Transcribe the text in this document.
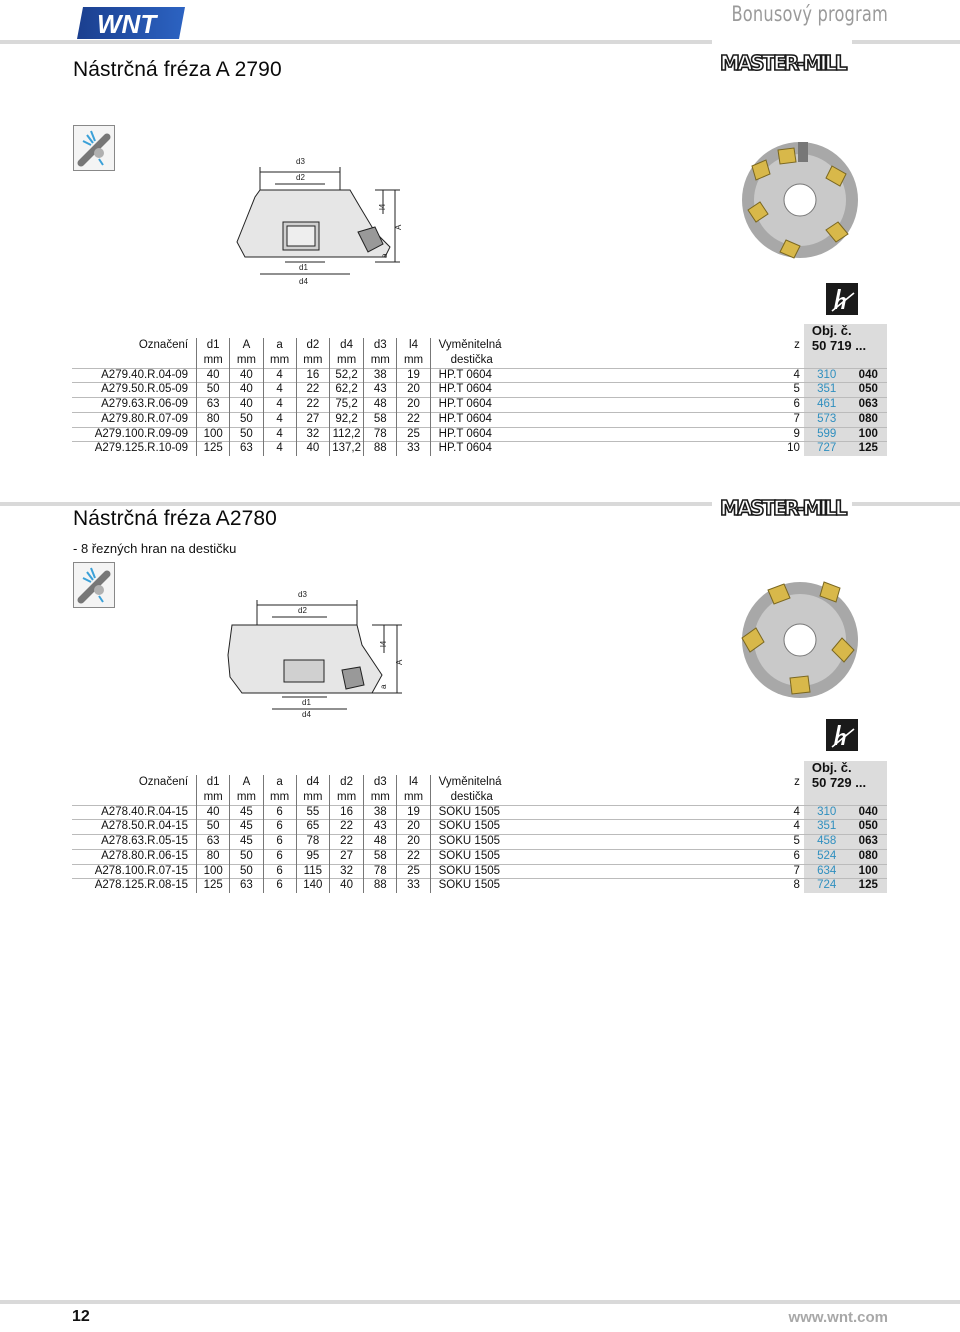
WNT	Bonusový program
Nástrčná fréza A 2790	MASTER-MILL
d3
d2
d1
d4
l4
A
a
										Obj. č.	
Označení	d1	A	a	d2	d4	d3	l4	Vyměnitelná	z	50 719 ...	
	mm	mm	mm	mm	mm	mm	mm	destička			
A279.40.R.04-09	40	40	4	16	52,2	38	19	HP.T 0604	4	310	040
A279.50.R.05-09	50	40	4	22	62,2	43	20	HP.T 0604	5	351	050
A279.63.R.06-09	63	40	4	22	75,2	48	20	HP.T 0604	6	461	063
A279.80.R.07-09	80	50	4	27	92,2	58	22	HP.T 0604	7	573	080
A279.100.R.09-09	100	50	4	32	112,2	78	25	HP.T 0604	9	599	100
A279.125.R.10-09	125	63	4	40	137,2	88	33	HP.T 0604	10	727	125
Nástrčná fréza A2780	MASTER-MILL
- 8 řezných hran na destičku
d3
d2
d1
d4
l4
A
a
										Obj. č.	
Označení	d1	A	a	d4	d2	d3	l4	Vyměnitelná	z	50 729 ...	
	mm	mm	mm	mm	mm	mm	mm	destička			
A278.40.R.04-15	40	45	6	55	16	38	19	SOKU 1505	4	310	040
A278.50.R.04-15	50	45	6	65	22	43	20	SOKU 1505	4	351	050
A278.63.R.05-15	63	45	6	78	22	48	20	SOKU 1505	5	458	063
A278.80.R.06-15	80	50	6	95	27	58	22	SOKU 1505	6	524	080
A278.100.R.07-15	100	50	6	115	32	78	25	SOKU 1505	7	634	100
A278.125.R.08-15	125	63	6	140	40	88	33	SOKU 1505	8	724	125
12	www.wnt.com
